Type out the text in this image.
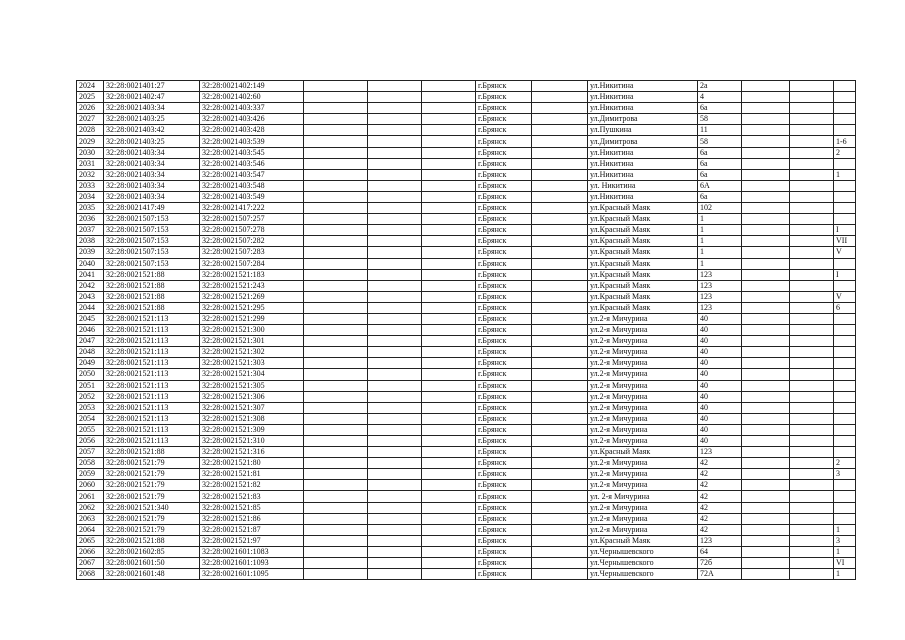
2024	32:28:0021401:27	32:28:0021402:149				г.Брянск		ул.Никитина	2а			
2025	32:28:0021402:47	32:28:0021402:60				г.Брянск		ул.Никитина	4			
2026	32:28:0021403:34	32:28:0021403:337				г.Брянск		ул.Никитина	6а			
2027	32:28:0021403:25	32:28:0021403:426				г.Брянск		ул.Димитрова	58			
2028	32:28:0021403:42	32:28:0021403:428				г.Брянск		ул.Пушкина	11			
2029	32:28:0021403:25	32:28:0021403:539				г.Брянск		ул.Димитрова	58			1-6
2030	32:28:0021403:34	32:28:0021403:545				г.Брянск		ул.Никитина	6а			2
2031	32:28:0021403:34	32:28:0021403:546				г.Брянск		ул.Никитина	6а			
2032	32:28:0021403:34	32:28:0021403:547				г.Брянск		ул.Никитина	6а			1
2033	32:28:0021403:34	32:28:0021403:548				г.Брянск		ул. Никитина	6А			
2034	32:28:0021403:34	32:28:0021403:549				г.Брянск		ул.Никитина	6а			
2035	32:28:0021417:49	32:28:0021417:222				г.Брянск		ул.Красный Маяк	102			
2036	32:28:0021507:153	32:28:0021507:257				г.Брянск		ул.Красный Маяк	1			
2037	32:28:0021507:153	32:28:0021507:278				г.Брянск		ул.Красный Маяк	1			I
2038	32:28:0021507:153	32:28:0021507:282				г.Брянск		ул.Красный Маяк	1			VII
2039	32:28:0021507:153	32:28:0021507:283				г.Брянск		ул.Красный Маяк	1			V
2040	32:28:0021507:153	32:28:0021507:284				г.Брянск		ул.Красный Маяк	1			
2041	32:28:0021521:88	32:28:0021521:183				г.Брянск		ул.Красный Маяк	123			I
2042	32:28:0021521:88	32:28:0021521:243				г.Брянск		ул.Красный Маяк	123			
2043	32:28:0021521:88	32:28:0021521:269				г.Брянск		ул.Красный Маяк	123			V
2044	32:28:0021521:88	32:28:0021521:295				г.Брянск		ул.Красный Маяк	123			6
2045	32:28:0021521:113	32:28:0021521:299				г.Брянск		ул.2-я Мичурина	40			
2046	32:28:0021521:113	32:28:0021521:300				г.Брянск		ул.2-я Мичурина	40			
2047	32:28:0021521:113	32:28:0021521:301				г.Брянск		ул.2-я Мичурина	40			
2048	32:28:0021521:113	32:28:0021521:302				г.Брянск		ул.2-я Мичурина	40			
2049	32:28:0021521:113	32:28:0021521:303				г.Брянск		ул.2-я Мичурина	40			
2050	32:28:0021521:113	32:28:0021521:304				г.Брянск		ул.2-я Мичурина	40			
2051	32:28:0021521:113	32:28:0021521:305				г.Брянск		ул.2-я Мичурина	40			
2052	32:28:0021521:113	32:28:0021521:306				г.Брянск		ул.2-я Мичурина	40			
2053	32:28:0021521:113	32:28:0021521:307				г.Брянск		ул.2-я Мичурина	40			
2054	32:28:0021521:113	32:28:0021521:308				г.Брянск		ул.2-я Мичурина	40			
2055	32:28:0021521:113	32:28:0021521:309				г.Брянск		ул.2-я Мичурина	40			
2056	32:28:0021521:113	32:28:0021521:310				г.Брянск		ул.2-я Мичурина	40			
2057	32:28:0021521:88	32:28:0021521:316				г.Брянск		ул.Красный Маяк	123			
2058	32:28:0021521:79	32:28:0021521:80				г.Брянск		ул.2-я Мичурина	42			2
2059	32:28:0021521:79	32:28:0021521:81				г.Брянск		ул.2-я Мичурина	42			3
2060	32:28:0021521:79	32:28:0021521:82				г.Брянск		ул.2-я Мичурина	42			
2061	32:28:0021521:79	32:28:0021521:83				г.Брянск		ул. 2-я Мичурина	42			
2062	32:28:0021521:340	32:28:0021521:85				г.Брянск		ул.2-я Мичурина	42			
2063	32:28:0021521:79	32:28:0021521:86				г.Брянск		ул.2-я Мичурина	42			
2064	32:28:0021521:79	32:28:0021521:87				г.Брянск		ул.2-я Мичурина	42			1
2065	32:28:0021521:88	32:28:0021521:97				г.Брянск		ул.Красный Маяк	123			3
2066	32:28:0021602:85	32:28:0021601:1083				г.Брянск		ул.Чернышевского	64			1
2067	32:28:0021601:50	32:28:0021601:1093				г.Брянск		ул.Чернышевского	72б			VI
2068	32:28:0021601:48	32:28:0021601:1095				г.Брянск		ул.Чернышевского	72А			1
